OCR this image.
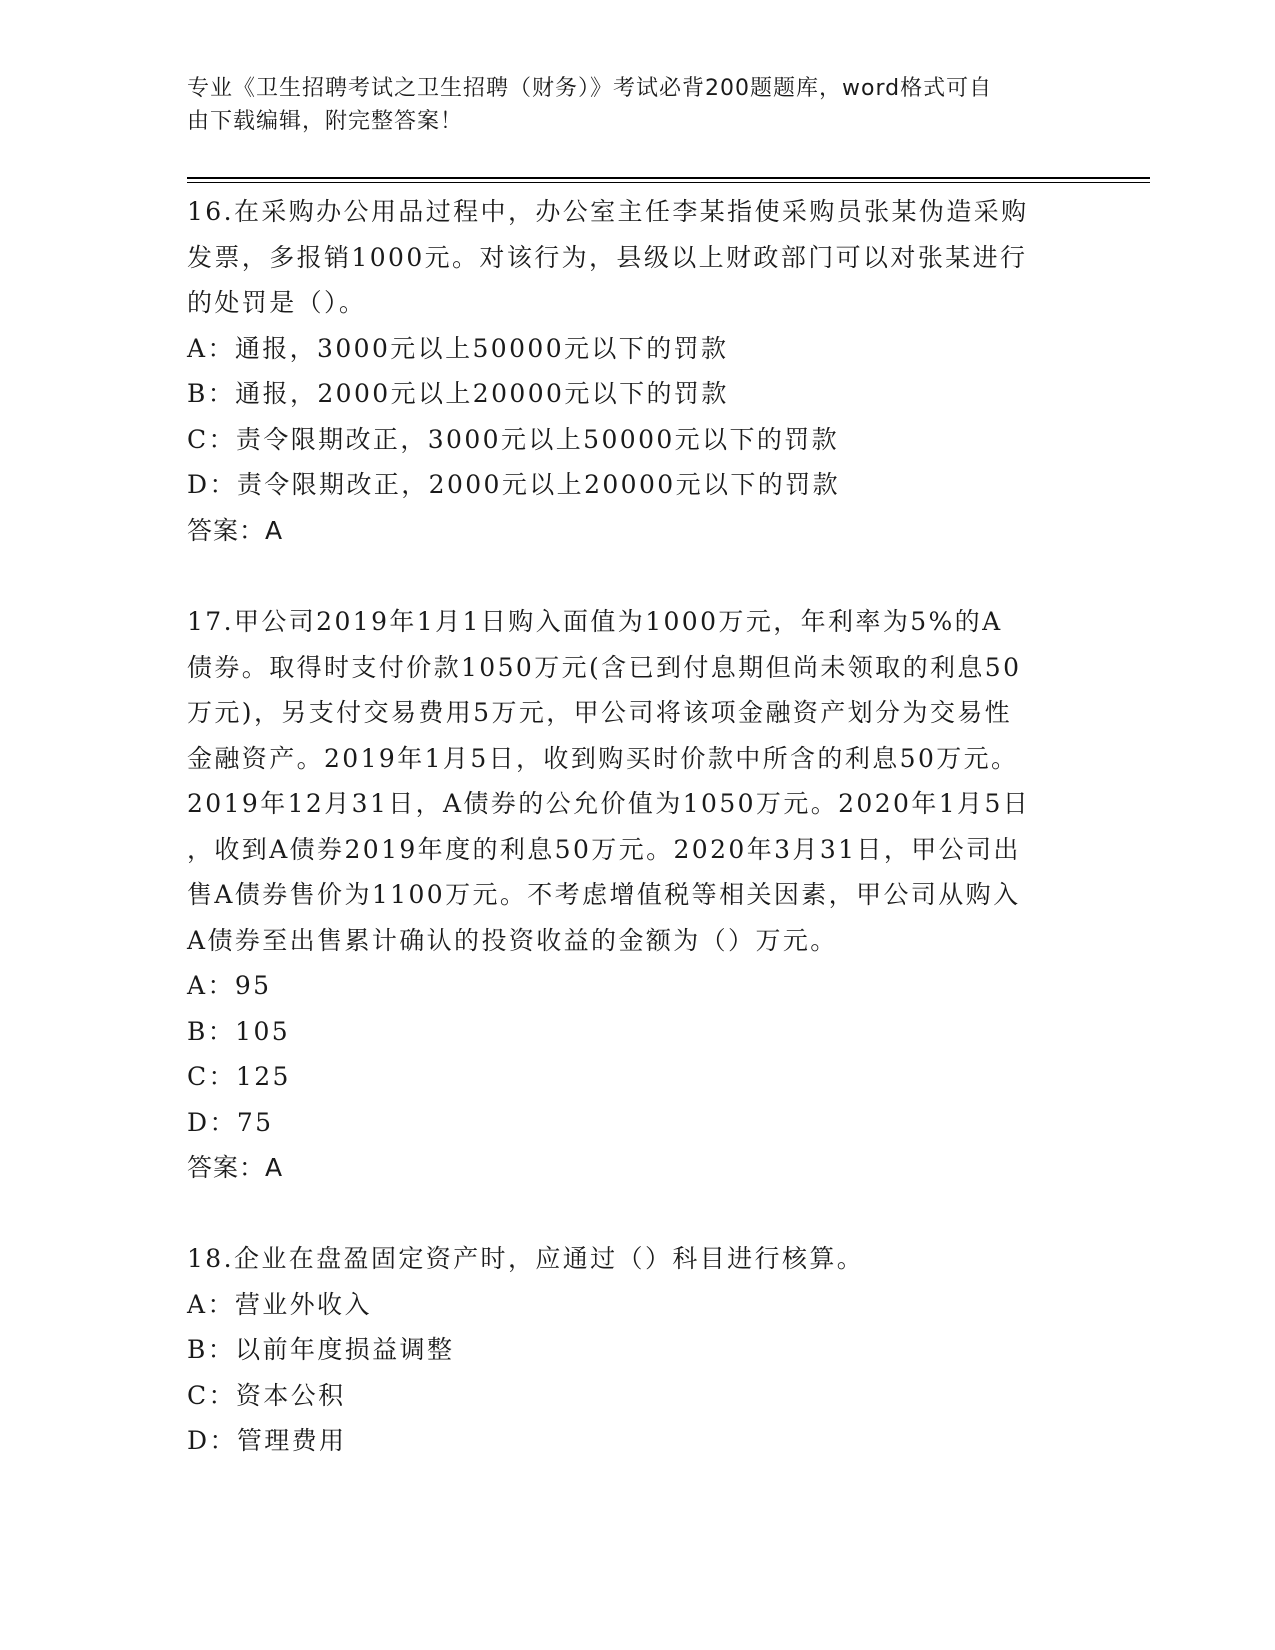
专业《卫生招聘考试之卫生招聘（财务）》考试必背200题题库，word格式可自
由下载编辑，附完整答案！
16.在采购办公用品过程中，办公室主任李某指使采购员张某伪造采购
发票，多报销1000元。对该行为，县级以上财政部门可以对张某进行
的处罚是（）。
A：通报，3000元以上50000元以下的罚款
B：通报，2000元以上20000元以下的罚款
C：责令限期改正，3000元以上50000元以下的罚款
D：责令限期改正，2000元以上20000元以下的罚款
答案：A
17.甲公司2019年1月1日购入面值为1000万元，年利率为5%的A
债券。取得时支付价款1050万元(含已到付息期但尚未领取的利息50
万元)，另支付交易费用5万元，甲公司将该项金融资产划分为交易性
金融资产。2019年1月5日，收到购买时价款中所含的利息50万元。
2019年12月31日，A债券的公允价值为1050万元。2020年1月5日
，收到A债券2019年度的利息50万元。2020年3月31日，甲公司出
售A债券售价为1100万元。不考虑增值税等相关因素，甲公司从购入
A债券至出售累计确认的投资收益的金额为（）万元。
A：95
B：105
C：125
D：75
答案：A
18.企业在盘盈固定资产时，应通过（）科目进行核算。
A：营业外收入
B：以前年度损益调整
C：资本公积
D：管理费用
